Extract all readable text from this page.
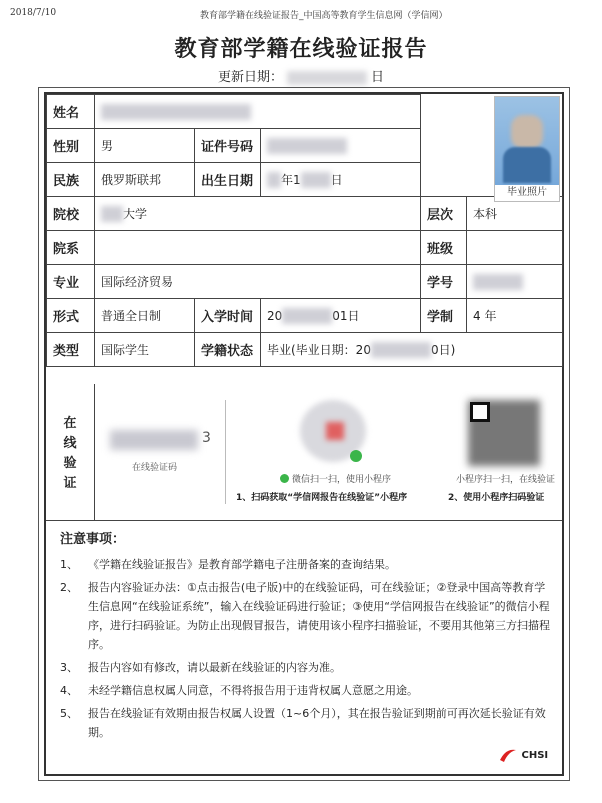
2018/7/10	教育部学籍在线验证报告_中国高等教育学生信息网（学信网）
教育部学籍在线验证报告
更新日期：	日
姓名					
性别	男	证件号码			
民族	俄罗斯联邦	出生日期	年1 日		
院校	大学			层次	本科
院系				班级	
专业	国际经济贸易			学号	
形式	普通全日制	入学时间	20 01日	学制	4 年
类型	国际学生	学籍状态	毕业(毕业日期：20 0日)		
毕业照片
在
线
验
证
3
在线验证码
微信扫一扫，使用小程序
1、扫码获取“学信网报告在线验证”小程序
小程序扫一扫，在线验证
2、使用小程序扫码验证
注意事项：
1、 《学籍在线验证报告》是教育部学籍电子注册备案的查询结果。
2、 报告内容验证办法：①点击报告(电子版)中的在线验证码，可在线验证；②登录中国高等教育学生信息网“在线验证系统”，输入在线验证码进行验证；③使用“学信网报告在线验证”的微信小程序，进行扫码验证。为防止出现假冒报告，请使用该小程序扫描验证，不要用其他第三方扫描程序。
3、 报告内容如有修改，请以最新在线验证的内容为准。
4、 未经学籍信息权属人同意，不得将报告用于违背权属人意愿之用途。
5、 报告在线验证有效期由报告权属人设置（1~6个月），其在报告验证到期前可再次延长验证有效期。
CHSI
